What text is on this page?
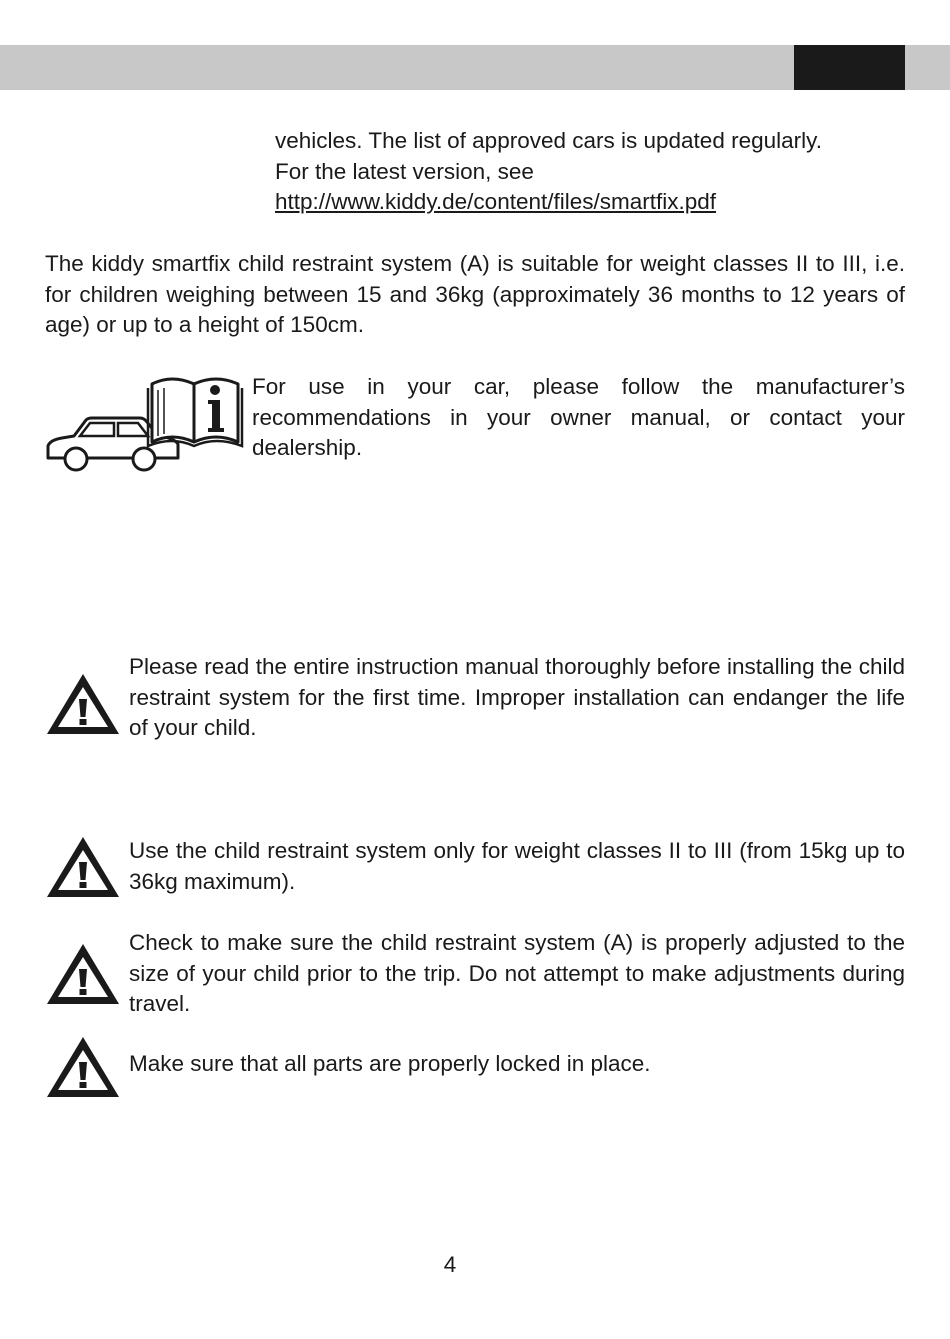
vehicles. The list of approved cars is updated regularly.
For the latest version, see
http://www.kiddy.de/content/files/smartfix.pdf

The kiddy smartfix child restraint system (A) is suitable for weight classes II to III, i.e. for children weighing between 15 and 36kg (approximately 36 months to 12 years of age) or up to a height of 150cm.

For use in your car, please follow the manufacturer’s recommendations in your owner manual, or contact your dealership.

Please read the entire instruction manual thoroughly before installing the child restraint system for the first time. Improper installation can endanger the life of your child.

Use the child restraint system only for weight classes II to III (from 15kg up to 36kg maximum).

Check to make sure the child restraint system (A) is properly adjusted to the size of your child prior to the trip. Do not attempt to make adjustments during travel.

Make sure that all parts are properly locked in place.

4
